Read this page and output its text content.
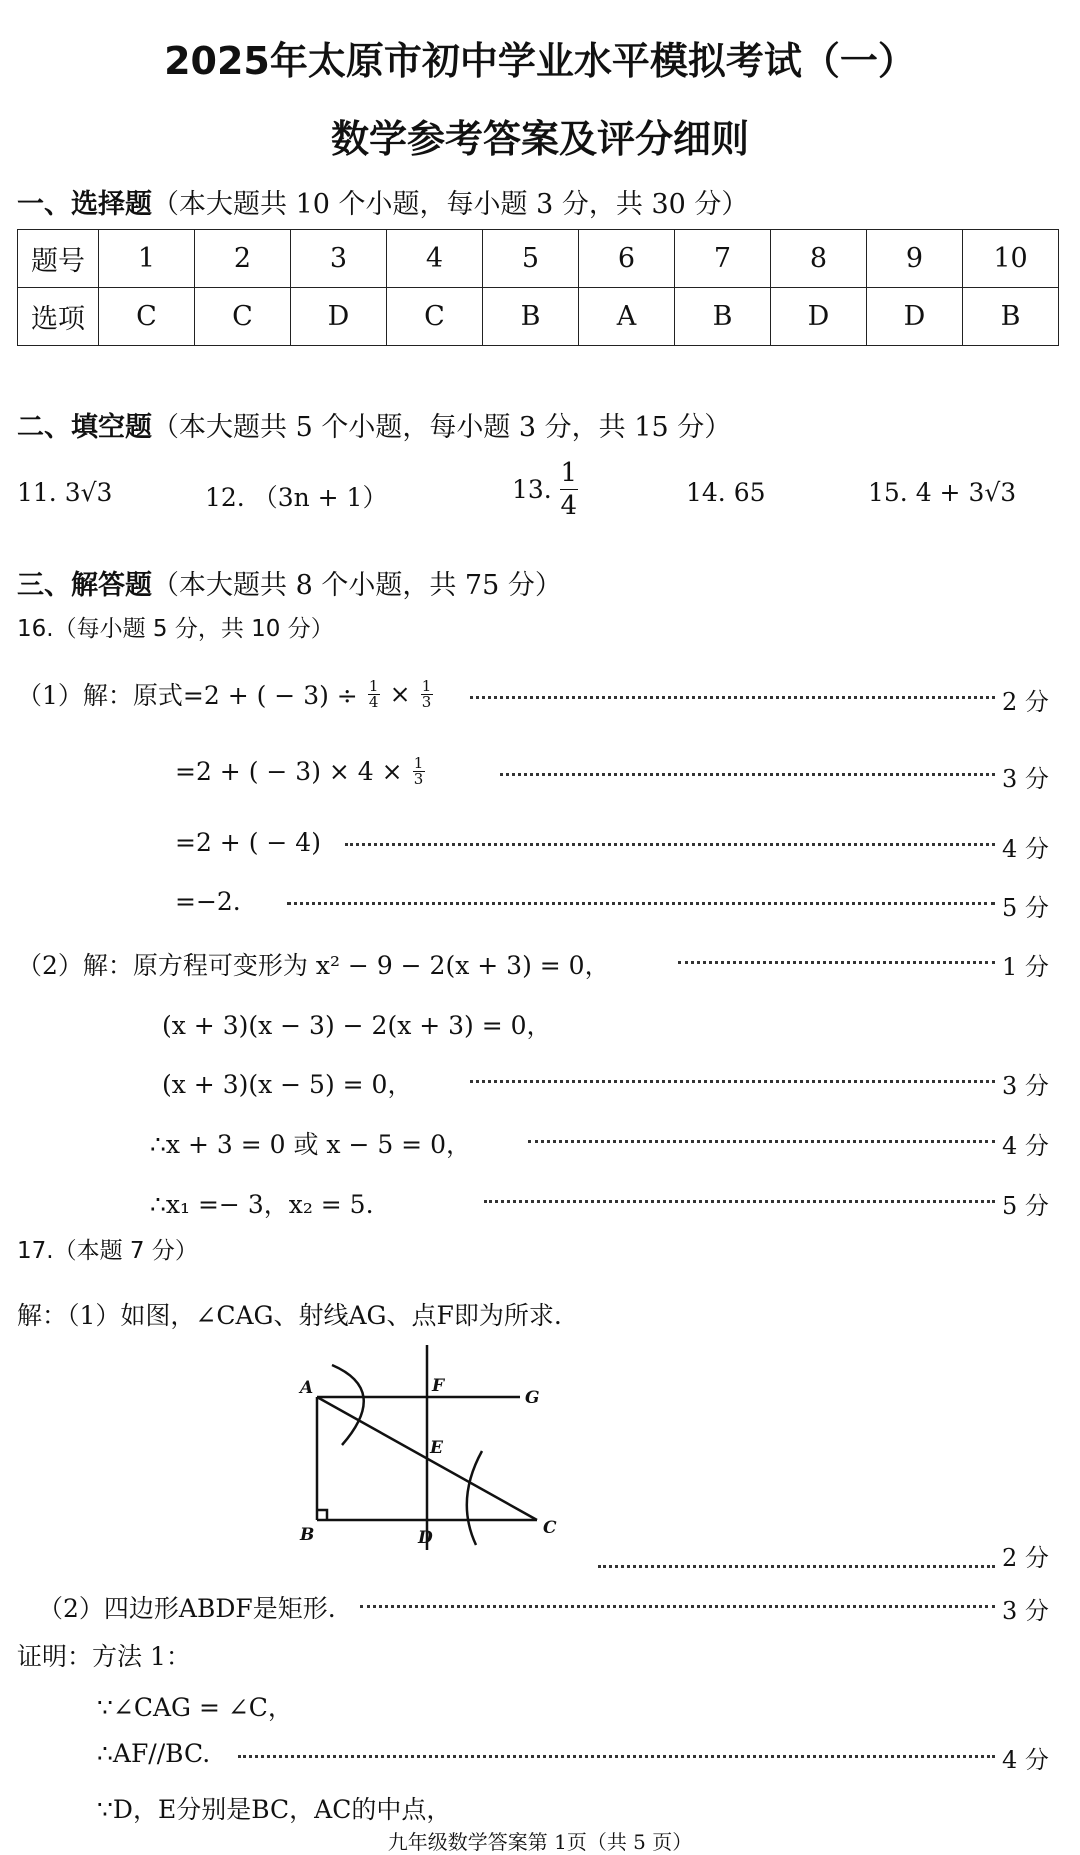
2025年太原市初中学业水平模拟考试（一）
数学参考答案及评分细则
一、选择题（本大题共 10 个小题，每小题 3 分，共 30 分）
题号	1	2	3	4	5	6	7	8	9	10
选项	C	C	D	C	B	A	B	D	D	B
二、填空题（本大题共 5 个小题，每小题 3 分，共 15 分）
11. 3√3	12. （3n + 1）	13. $\frac{1}{4}$	14. 65	15. 4 + 3√3
三、解答题（本大题共 8 个小题，共 75 分）
16.（每小题 5 分，共 10 分）
（1）解：原式=2 + ( − $3) \div \frac{1}{4} \times \frac{1}{3}$	2 分
=2 + ( − $3) \times 4 \times \frac{1}{3}$	3 分
=2 + ( − 4)	4 分
=−2.	5 分
（2）解：原方程可变形为 x² − 9 − 2(x + 3) = 0，	1 分
(x + 3)(x − 3) − 2(x + 3) = 0，
(x + 3)(x − 5) = 0，	3 分
∴x + 3 = 0 或 x − 5 = 0，	4 分
∴x₁ =− 3，x₂ = 5.	5 分
17.（本题 7 分）
解：（1）如图，∠CAG、射线AG、点F即为所求.
A	F
G
E
B	D	C
2 分
（2）四边形ABDF是矩形.	3 分
证明：方法 1：
∵∠CAG = ∠C，
∴AF//BC.	4 分
∵D，E分别是BC，AC的中点，
九年级数学答案第 1页（共 5 页）
